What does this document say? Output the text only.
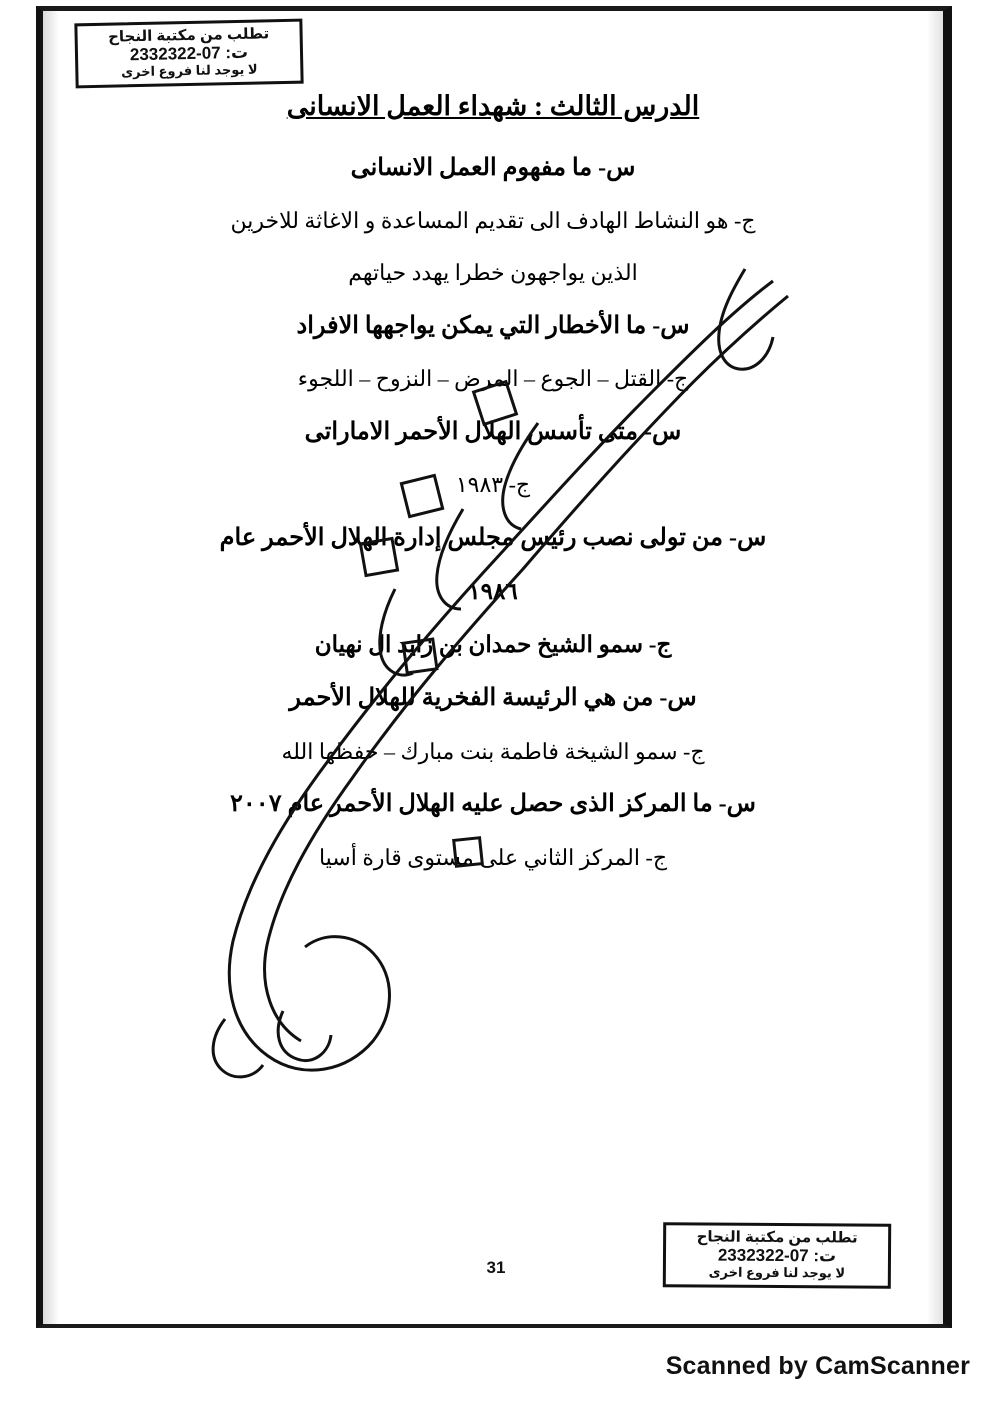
الدرس الثالث : شهداء العمل الانسانى
س- ما مفهوم العمل الانسانى
ج- هو النشاط الهادف الى تقديم المساعدة و الاغاثة للاخرين
الذين يواجهون خطرا يهدد حياتهم
س- ما الأخطار التي يمكن يواجهها الافراد
ج- القتل – الجوع – المرض – النزوح – اللجوء
س- متى تأسس الهلال الأحمر الاماراتى
ج- ١٩٨٣
س- من تولى نصب رئيس مجلس إدارة الهلال الأحمر عام
١٩٨٦
ج- سمو الشيخ حمدان بن زايد ال نهيان
س- من هي الرئيسة الفخرية للهلال الأحمر
ج- سمو الشيخة فاطمة بنت مبارك – حفظها الله
س- ما المركز الذى حصل عليه الهلال الأحمر عام ٢٠٠٧
ج- المركز الثاني على مستوى قارة أسيا
تطلب من مكتبة النجاح
ت: 07-2332322
لا يوجد لنا فروع اخرى
تطلب من مكتبة النجاح
ت: 07-2332322
لا يوجد لنا فروع اخرى
31
Scanned by CamScanner
